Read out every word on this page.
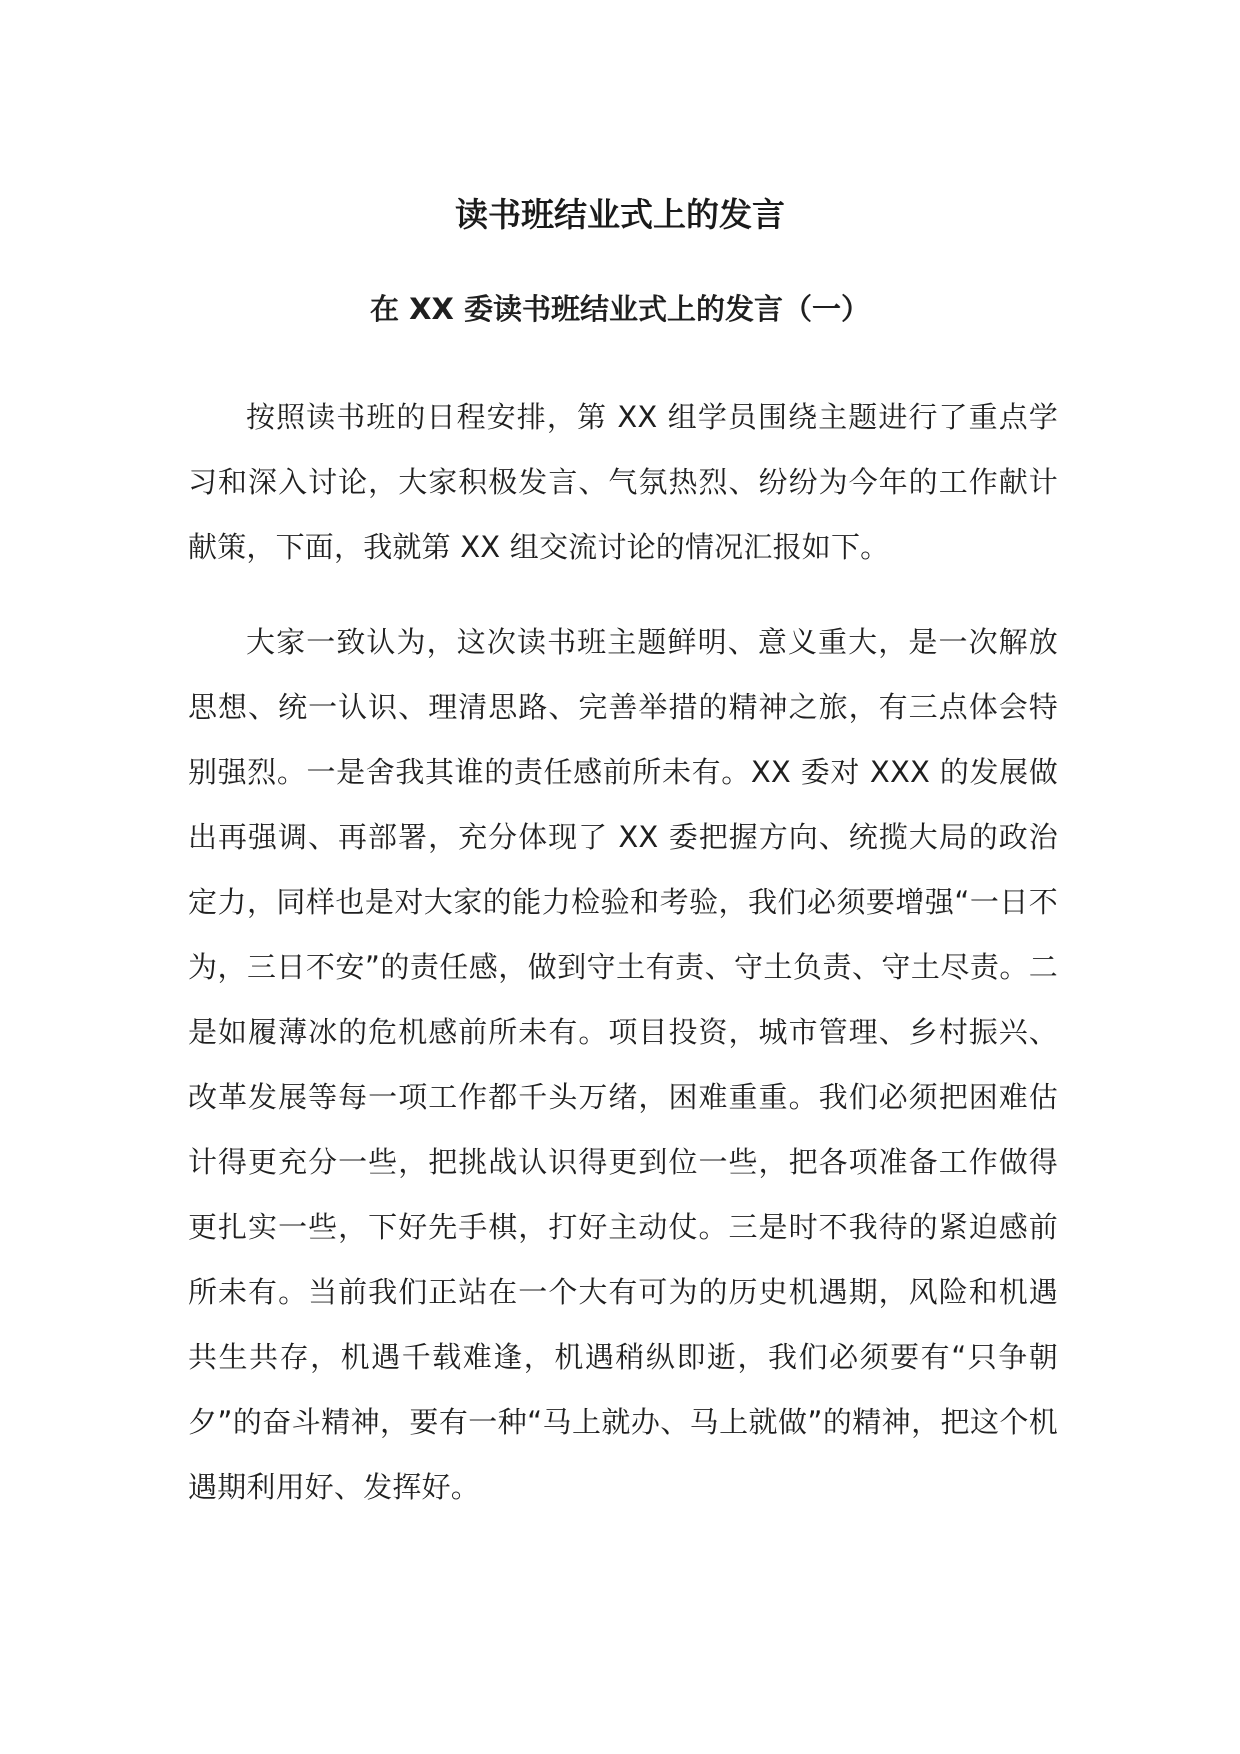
读书班结业式上的发言
在 XX 委读书班结业式上的发言（一）

按照读书班的日程安排，第 XX 组学员围绕主题进行了重点学习和深入讨论，大家积极发言、气氛热烈、纷纷为今年的工作献计献策，下面，我就第 XX 组交流讨论的情况汇报如下。

大家一致认为，这次读书班主题鲜明、意义重大，是一次解放思想、统一认识、理清思路、完善举措的精神之旅，有三点体会特别强烈。一是舍我其谁的责任感前所未有。XX 委对 XXX 的发展做出再强调、再部署，充分体现了 XX 委把握方向、统揽大局的政治定力，同样也是对大家的能力检验和考验，我们必须要增强“一日不为，三日不安”的责任感，做到守土有责、守土负责、守土尽责。二是如履薄冰的危机感前所未有。项目投资，城市管理、乡村振兴、改革发展等每一项工作都千头万绪，困难重重。我们必须把困难估计得更充分一些，把挑战认识得更到位一些，把各项准备工作做得更扎实一些，下好先手棋，打好主动仗。三是时不我待的紧迫感前所未有。当前我们正站在一个大有可为的历史机遇期，风险和机遇共生共存，机遇千载难逢，机遇稍纵即逝，我们必须要有“只争朝夕”的奋斗精神，要有一种“马上就办、马上就做”的精神，把这个机遇期利用好、发挥好。
